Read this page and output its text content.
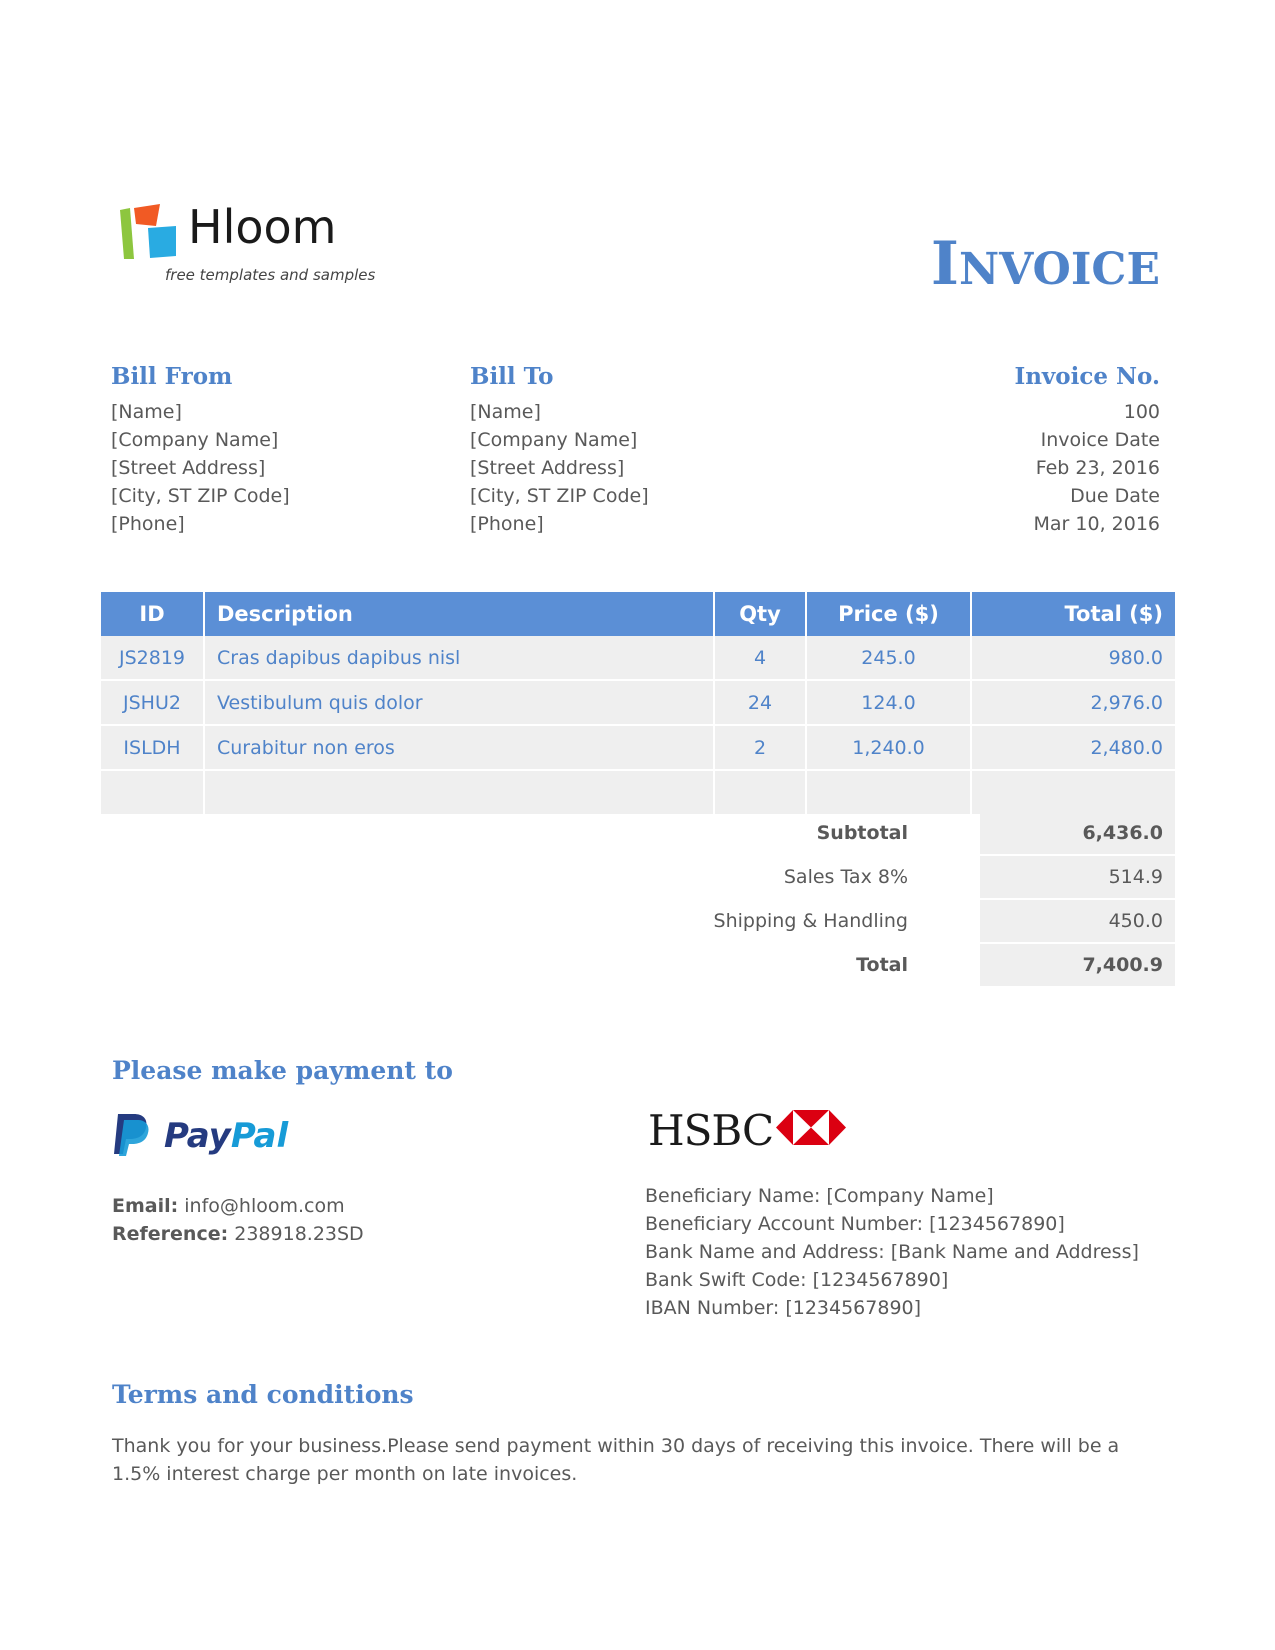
Hloom
free templates and samples	INVOICE
Bill From
[Name]
[Company Name]
[Street Address]
[City, ST ZIP Code]
[Phone]
Bill To
[Name]
[Company Name]
[Street Address]
[City, ST ZIP Code]
[Phone]
Invoice No.
100
Invoice Date
Feb 23, 2016
Due Date
Mar 10, 2016
ID	Description	Qty	Price ($)	Total ($)
JS2819	Cras dapibus dapibus nisl	4	245.0	980.0
JSHU2	Vestibulum quis dolor	24	124.0	2,976.0
ISLDH	Curabitur non eros	2	1,240.0	2,480.0

Subtotal	6,436.0
Sales Tax 8%	514.9
Shipping & Handling	450.0
Total	7,400.9
Please make payment to
PayPal
Email: info@hloom.com
Reference: 238918.23SD
HSBC
Beneficiary Name: [Company Name]
Beneficiary Account Number: [1234567890]
Bank Name and Address: [Bank Name and Address]
Bank Swift Code: [1234567890]
IBAN Number: [1234567890]
Terms and conditions
Thank you for your business.Please send payment within 30 days of receiving this invoice. There will be a 1.5% interest charge per month on late invoices.
